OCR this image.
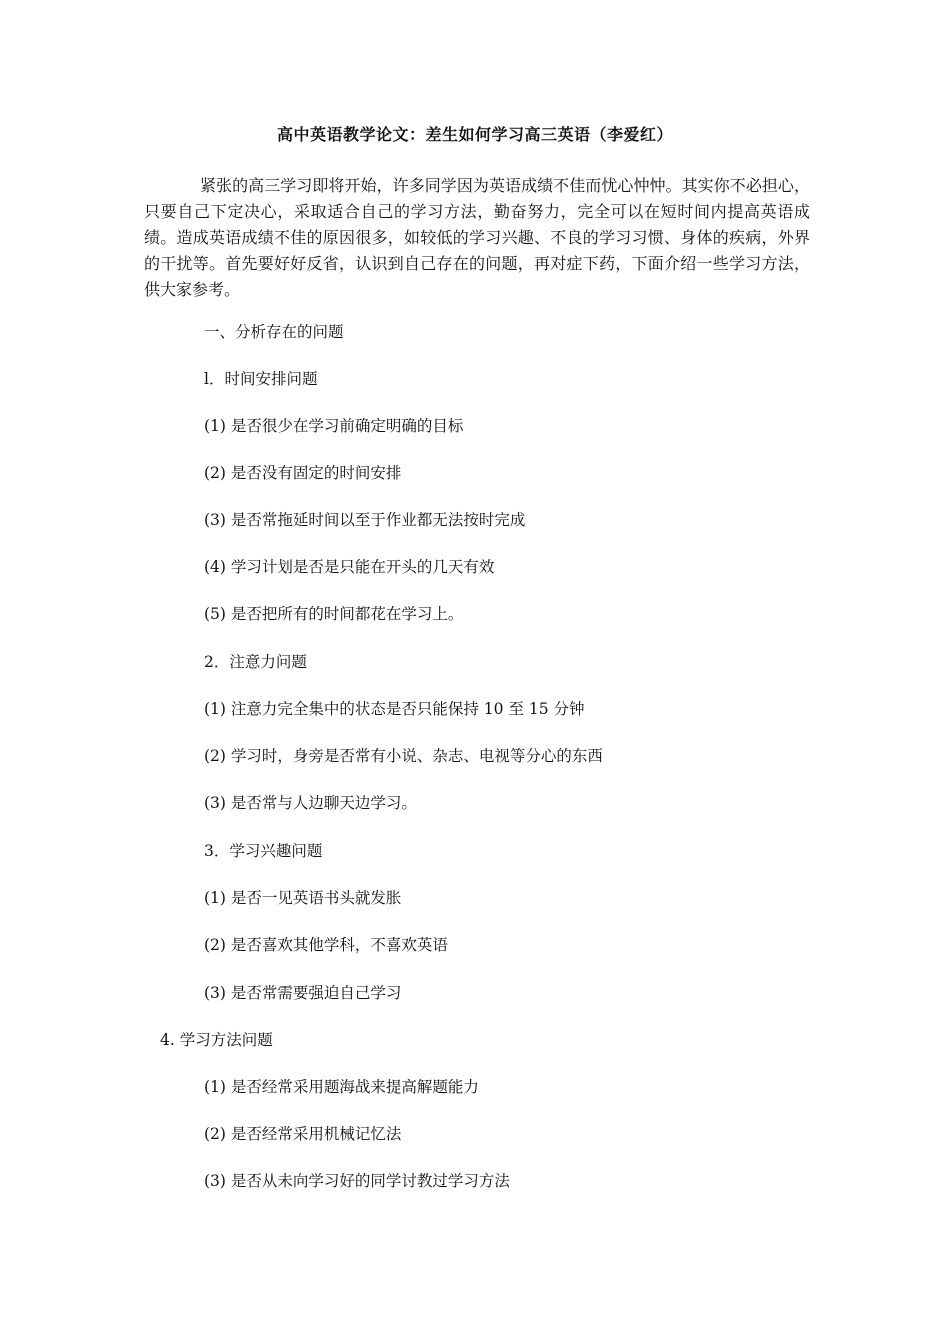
高中英语教学论文：差生如何学习高三英语（李爱红）

紧张的高三学习即将开始，许多同学因为英语成绩不佳而忧心忡忡。其实你不必担心，只要自己下定决心，采取适合自己的学习方法，勤奋努力，完全可以在短时间内提高英语成绩。造成英语成绩不佳的原因很多，如较低的学习兴趣、不良的学习习惯、身体的疾病，外界的干扰等。首先要好好反省，认识到自己存在的问题，再对症下药，下面介绍一些学习方法，供大家参考。

一、分析存在的问题

l．时间安排问题

(1) 是否很少在学习前确定明确的目标

(2) 是否没有固定的时间安排

(3) 是否常拖延时间以至于作业都无法按时完成

(4) 学习计划是否是只能在开头的几天有效

(5) 是否把所有的时间都花在学习上。

2．注意力问题

(1) 注意力完全集中的状态是否只能保持 10 至 15 分钟

(2) 学习时，身旁是否常有小说、杂志、电视等分心的东西

(3) 是否常与人边聊天边学习。

3．学习兴趣问题

(1) 是否一见英语书头就发胀

(2) 是否喜欢其他学科，不喜欢英语

(3) 是否常需要强迫自己学习

4. 学习方法问题

(1) 是否经常采用题海战来提高解题能力

(2) 是否经常采用机械记忆法

(3) 是否从未向学习好的同学讨教过学习方法
